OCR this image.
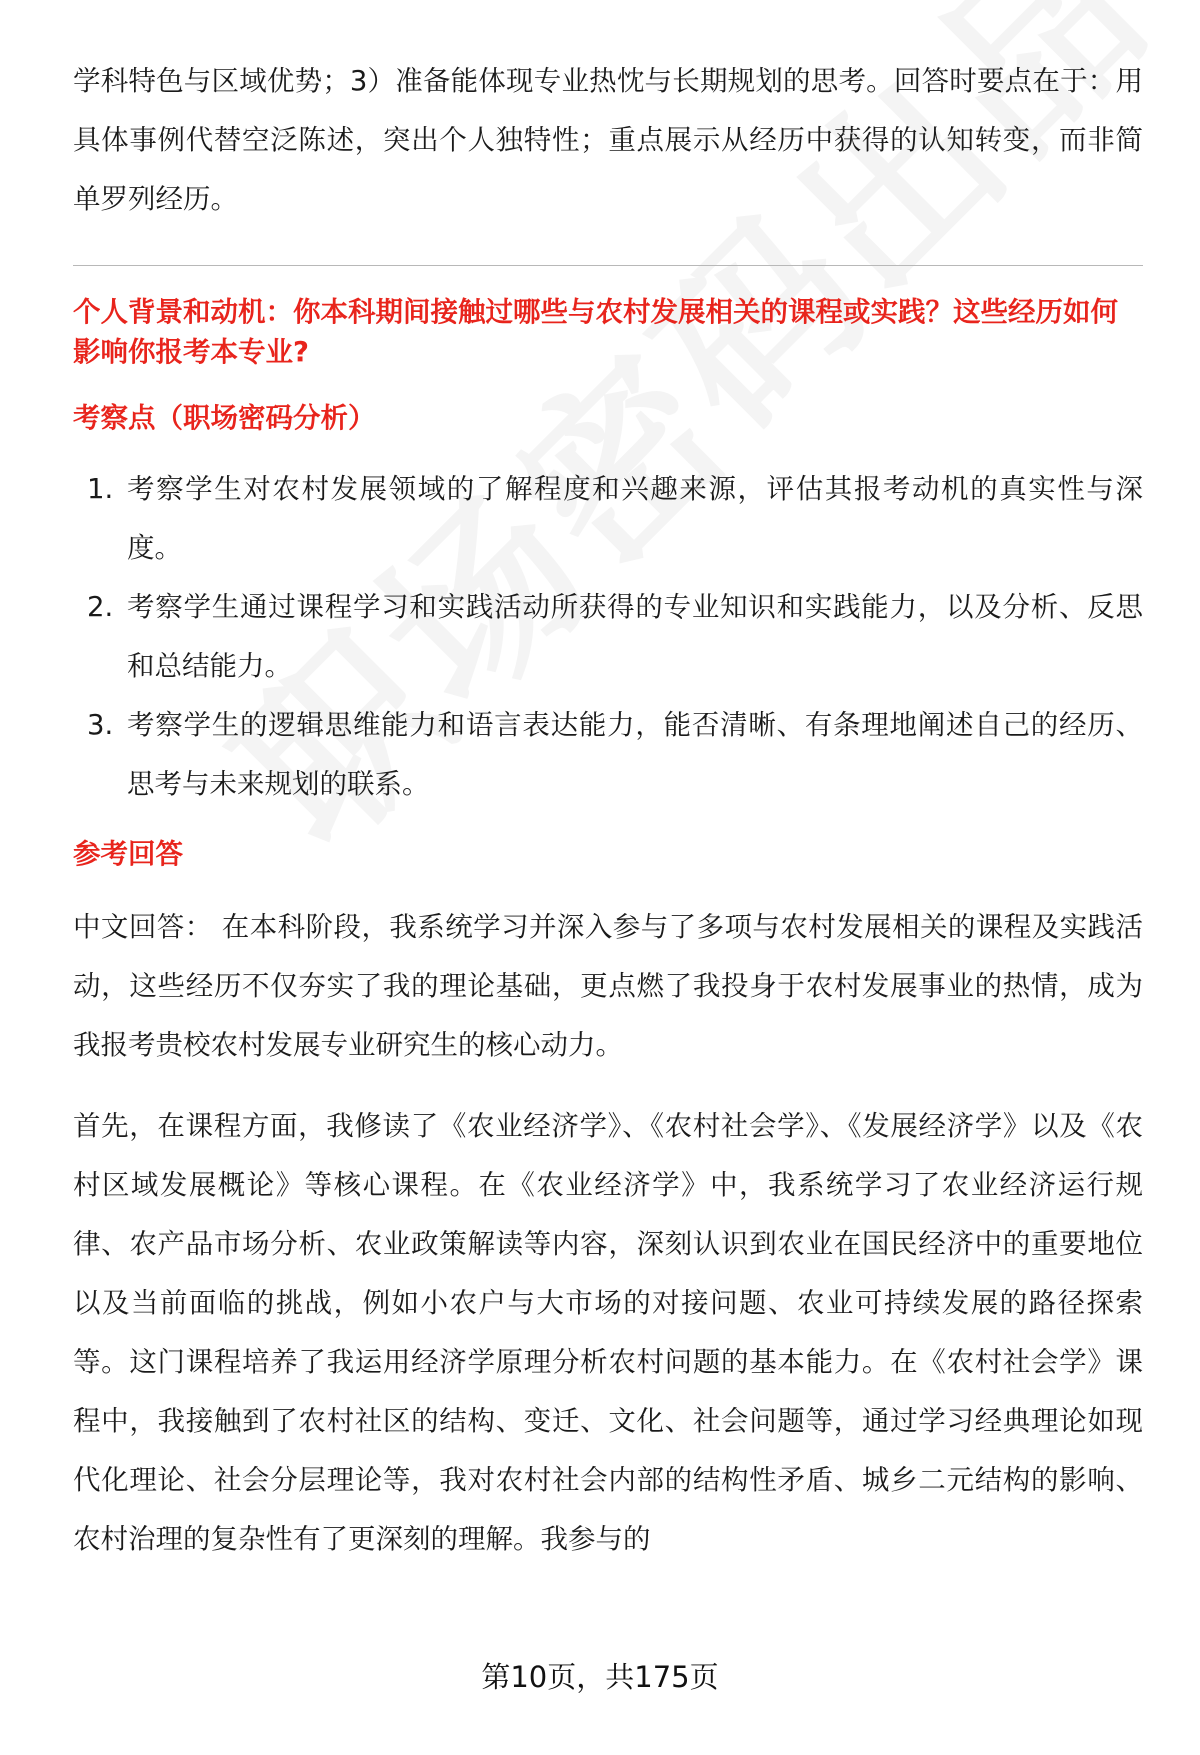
学科特色与区域优势；3）准备能体现专业热忱与长期规划的思考。回答时要点在于：用具体事例代替空泛陈述，突出个人独特性；重点展示从经历中获得的认知转变，而非简单罗列经历。

个人背景和动机：你本科期间接触过哪些与农村发展相关的课程或实践？这些经历如何影响你报考本专业?
考察点（职场密码分析）
1. 考察学生对农村发展领域的了解程度和兴趣来源，评估其报考动机的真实性与深度。
2. 考察学生通过课程学习和实践活动所获得的专业知识和实践能力，以及分析、反思和总结能力。
3. 考察学生的逻辑思维能力和语言表达能力，能否清晰、有条理地阐述自己的经历、思考与未来规划的联系。
参考回答

中文回答： 在本科阶段，我系统学习并深入参与了多项与农村发展相关的课程及实践活动，这些经历不仅夯实了我的理论基础，更点燃了我投身于农村发展事业的热情，成为我报考贵校农村发展专业研究生的核心动力。

首先，在课程方面，我修读了《农业经济学》、《农村社会学》、《发展经济学》以及《农村区域发展概论》等核心课程。在《农业经济学》中，我系统学习了农业经济运行规律、农产品市场分析、农业政策解读等内容，深刻认识到农业在国民经济中的重要地位以及当前面临的挑战，例如小农户与大市场的对接问题、农业可持续发展的路径探索等。这门课程培养了我运用经济学原理分析农村问题的基本能力。在《农村社会学》课程中，我接触到了农村社区的结构、变迁、文化、社会问题等，通过学习经典理论如现代化理论、社会分层理论等，我对农村社会内部的结构性矛盾、城乡二元结构的影响、农村治理的复杂性有了更深刻的理解。我参与的

第10页，共175页
